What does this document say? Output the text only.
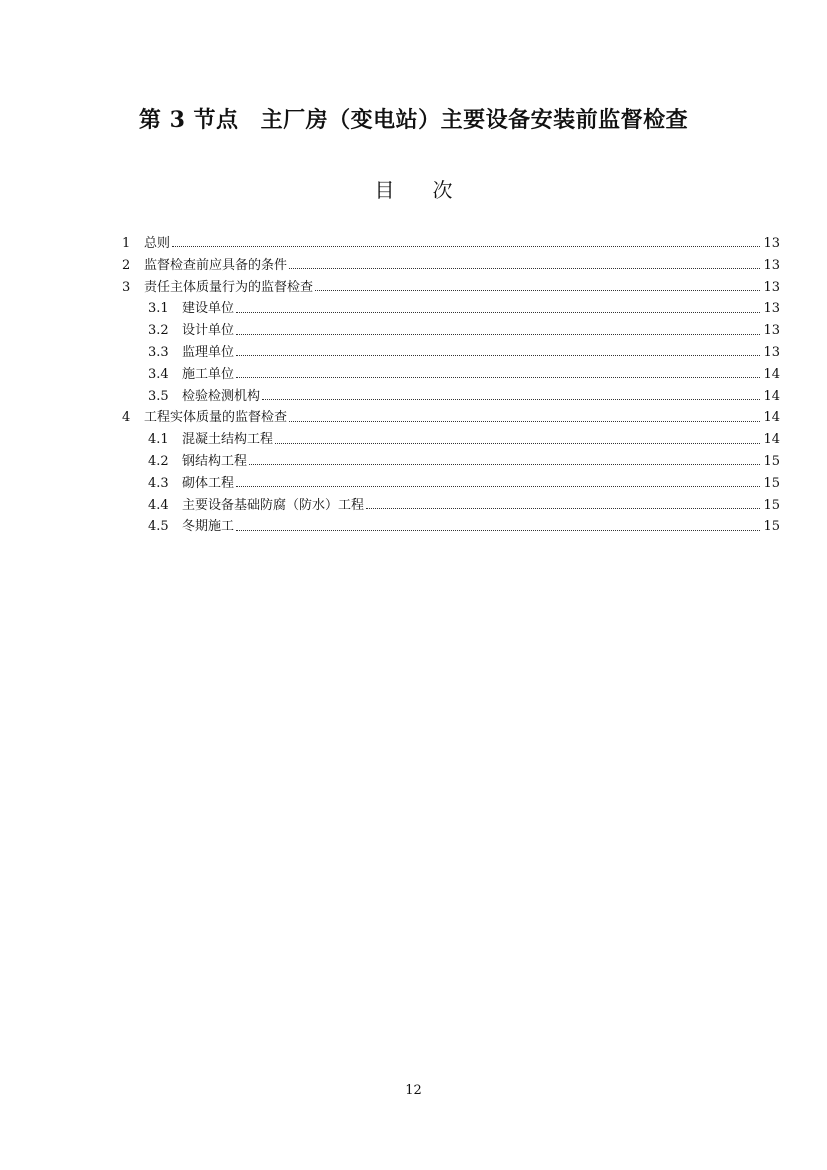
第 3 节点 主厂房（变电站）主要设备安装前监督检查
目次
1	总则	13
2	监督检查前应具备的条件	13
3	责任主体质量行为的监督检查	13
3.1	建设单位	13
3.2	设计单位	13
3.3	监理单位	13
3.4	施工单位	14
3.5	检验检测机构	14
4	工程实体质量的监督检查	14
4.1	混凝土结构工程	14
4.2	钢结构工程	15
4.3	砌体工程	15
4.4	主要设备基础防腐（防水）工程	15
4.5	冬期施工	15
12
